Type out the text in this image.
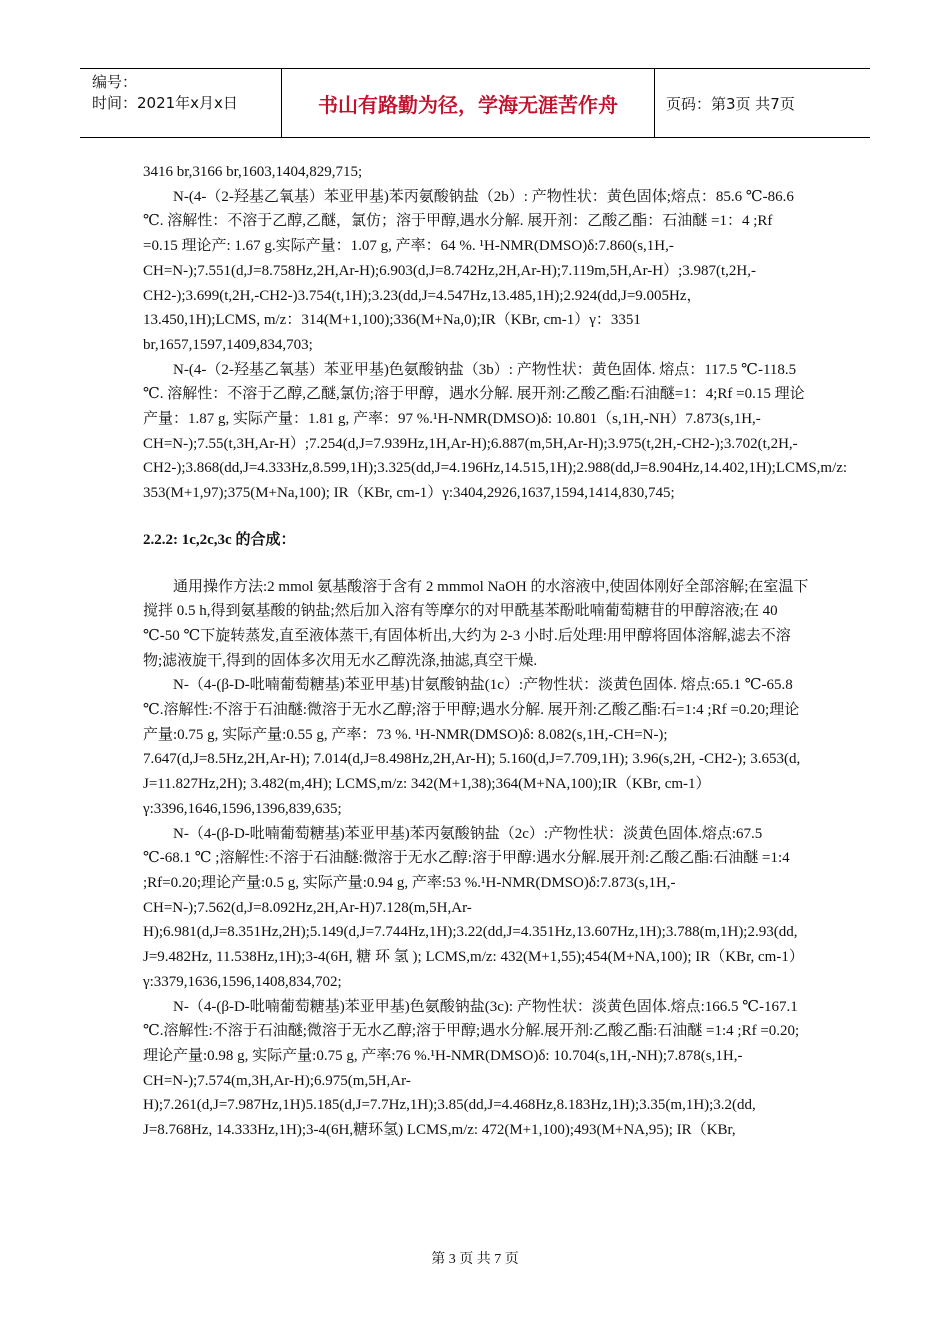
编号：
时间：2021年x月x日	书山有路勤为径，学海无涯苦作舟	页码：第3页 共7页

3416 br,3166 br,1603,1404,829,715;

N-(4-（2-羟基乙氧基）苯亚甲基)苯丙氨酸钠盐（2b）: 产物性状：黄色固体;熔点：85.6 ℃-86.6 ℃. 溶解性：不溶于乙醇,乙醚，氯仿；溶于甲醇,遇水分解. 展开剂：乙酸乙酯：石油醚 =1：4 ;Rf =0.15 理论产: 1.67 g.实际产量：1.07 g, 产率：64 %. ¹H-NMR(DMSO)δ:7.860(s,1H,-CH=N-);7.551(d,J=8.758Hz,2H,Ar-H);6.903(d,J=8.742Hz,2H,Ar-H);7.119m,5H,Ar-H）;3.987(t,2H,-CH2-);3.699(t,2H,-CH2-)3.754(t,1H);3.23(dd,J=4.547Hz,13.485,1H);2.924(dd,J=9.005Hz，13.450,1H);LCMS, m/z：314(M+1,100);336(M+Na,0);IR（KBr, cm-1）γ：3351 br,1657,1597,1409,834,703;

N-(4-（2-羟基乙氧基）苯亚甲基)色氨酸钠盐（3b）: 产物性状：黄色固体. 熔点：117.5 ℃-118.5 ℃. 溶解性：不溶于乙醇,乙醚,氯仿;溶于甲醇，遇水分解. 展开剂:乙酸乙酯:石油醚=1：4;Rf =0.15 理论产量：1.87 g, 实际产量：1.81 g, 产率：97 %.¹H-NMR(DMSO)δ: 10.801（s,1H,-NH）7.873(s,1H,-CH=N-);7.55(t,3H,Ar-H）;7.254(d,J=7.939Hz,1H,Ar-H);6.887(m,5H,Ar-H);3.975(t,2H,-CH2-);3.702(t,2H,-CH2-);3.868(dd,J=4.333Hz,8.599,1H);3.325(dd,J=4.196Hz,14.515,1H);2.988(dd,J=8.904Hz,14.402,1H);LCMS,m/z: 353(M+1,97);375(M+Na,100); IR（KBr, cm-1）γ:3404,2926,1637,1594,1414,830,745;

2.2.2: 1c,2c,3c 的合成：

通用操作方法:2 mmol 氨基酸溶于含有 2 mmmol NaOH 的水溶液中,使固体刚好全部溶解;在室温下搅拌 0.5 h,得到氨基酸的钠盐;然后加入溶有等摩尔的对甲酰基苯酚吡喃葡萄糖苷的甲醇溶液;在 40 ℃-50 ℃下旋转蒸发,直至液体蒸干,有固体析出,大约为 2-3 小时.后处理:用甲醇将固体溶解,滤去不溶物;滤液旋干,得到的固体多次用无水乙醇洗涤,抽滤,真空干燥.

N-（4-(β-D-吡喃葡萄糖基)苯亚甲基)甘氨酸钠盐(1c）:产物性状：淡黄色固体. 熔点:65.1 ℃-65.8 ℃.溶解性:不溶于石油醚:微溶于无水乙醇;溶于甲醇;遇水分解. 展开剂:乙酸乙酯:石=1:4 ;Rf =0.20;理论产量:0.75 g, 实际产量:0.55 g, 产率：73 %. ¹H-NMR(DMSO)δ: 8.082(s,1H,-CH=N-); 7.647(d,J=8.5Hz,2H,Ar-H); 7.014(d,J=8.498Hz,2H,Ar-H); 5.160(d,J=7.709,1H); 3.96(s,2H, -CH2-); 3.653(d, J=11.827Hz,2H); 3.482(m,4H); LCMS,m/z: 342(M+1,38);364(M+NA,100);IR（KBr, cm-1）γ:3396,1646,1596,1396,839,635;

N-（4-(β-D-吡喃葡萄糖基)苯亚甲基)苯丙氨酸钠盐（2c）:产物性状：淡黄色固体.熔点:67.5 ℃-68.1 ℃ ;溶解性:不溶于石油醚:微溶于无水乙醇:溶于甲醇:遇水分解.展开剂:乙酸乙酯:石油醚 =1:4 ;Rf=0.20;理论产量:0.5 g, 实际产量:0.94 g, 产率:53 %.¹H-NMR(DMSO)δ:7.873(s,1H,-CH=N-);7.562(d,J=8.092Hz,2H,Ar-H)7.128(m,5H,Ar-H);6.981(d,J=8.351Hz,2H);5.149(d,J=7.744Hz,1H);3.22(dd,J=4.351Hz,13.607Hz,1H);3.788(m,1H);2.93(dd, J=9.482Hz, 11.538Hz,1H);3-4(6H, 糖 环 氢 ); LCMS,m/z: 432(M+1,55);454(M+NA,100); IR（KBr, cm-1）γ:3379,1636,1596,1408,834,702;

N-（4-(β-D-吡喃葡萄糖基)苯亚甲基)色氨酸钠盐(3c): 产物性状：淡黄色固体.熔点:166.5 ℃-167.1 ℃.溶解性:不溶于石油醚;微溶于无水乙醇;溶于甲醇;遇水分解.展开剂:乙酸乙酯:石油醚 =1:4 ;Rf =0.20;理论产量:0.98 g, 实际产量:0.75 g, 产率:76 %.¹H-NMR(DMSO)δ: 10.704(s,1H,-NH);7.878(s,1H,-CH=N-);7.574(m,3H,Ar-H);6.975(m,5H,Ar-H);7.261(d,J=7.987Hz,1H)5.185(d,J=7.7Hz,1H);3.85(dd,J=4.468Hz,8.183Hz,1H);3.35(m,1H);3.2(dd, J=8.768Hz, 14.333Hz,1H);3-4(6H,糖环氢) LCMS,m/z: 472(M+1,100);493(M+NA,95); IR（KBr,

第 3 页 共 7 页
